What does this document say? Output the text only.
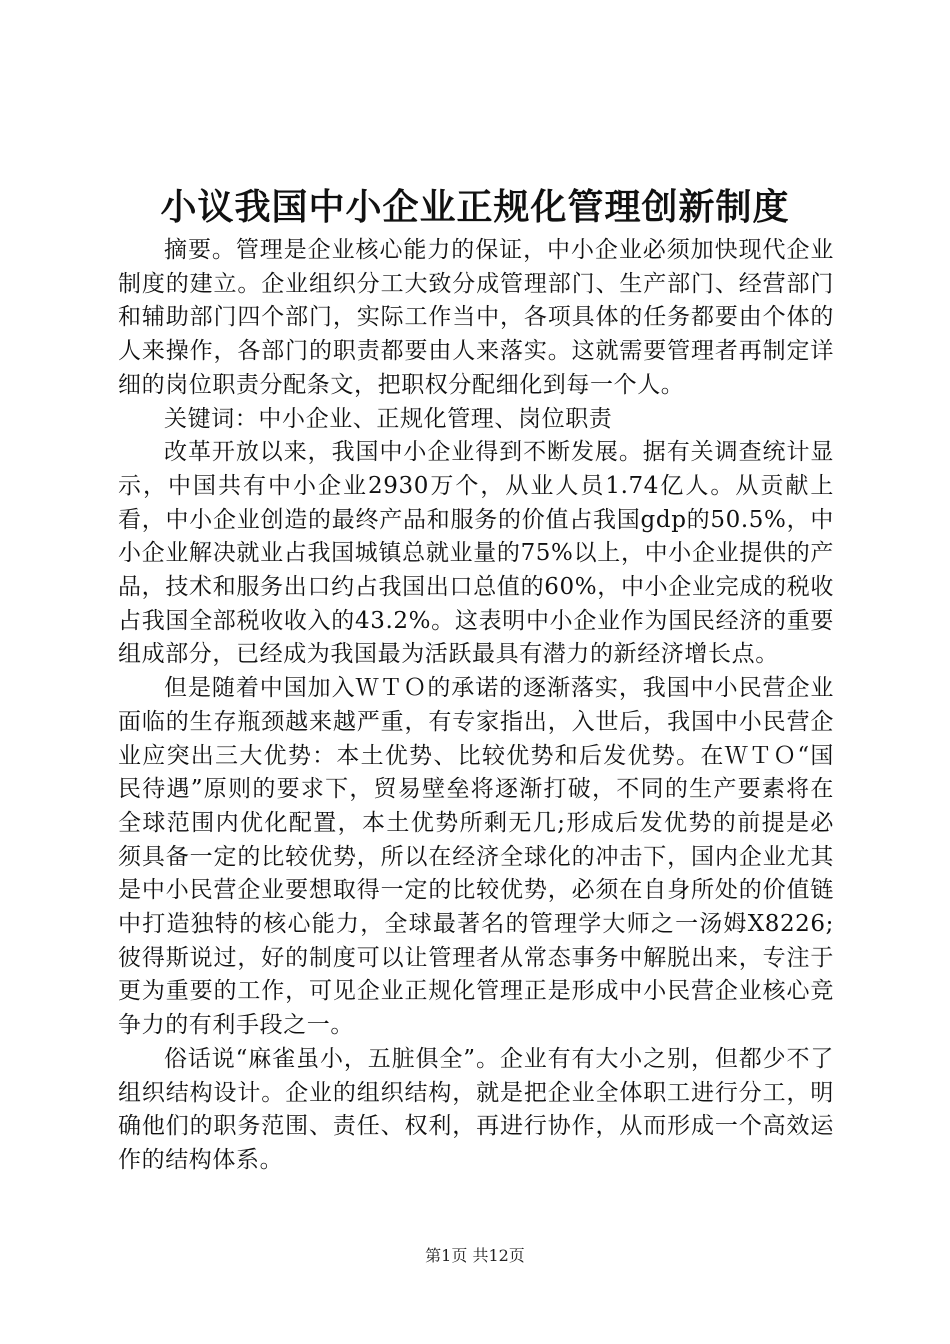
小议我国中小企业正规化管理创新制度

摘要。管理是企业核心能力的保证，中小企业必须加快现代企业制度的建立。企业组织分工大致分成管理部门、生产部门、经营部门和辅助部门四个部门，实际工作当中，各项具体的任务都要由个体的人来操作，各部门的职责都要由人来落实。这就需要管理者再制定详细的岗位职责分配条文，把职权分配细化到每一个人。

关键词：中小企业、正规化管理、岗位职责

改革开放以来，我国中小企业得到不断发展。据有关调查统计显示，中国共有中小企业2930万个，从业人员1.74亿人。从贡献上看，中小企业创造的最终产品和服务的价值占我国gdp的50.5%，中小企业解决就业占我国城镇总就业量的75%以上，中小企业提供的产品，技术和服务出口约占我国出口总值的60%，中小企业完成的税收占我国全部税收收入的43.2%。这表明中小企业作为国民经济的重要组成部分，已经成为我国最为活跃最具有潜力的新经济增长点。

但是随着中国加入ＷＴＯ的承诺的逐渐落实，我国中小民营企业面临的生存瓶颈越来越严重，有专家指出，入世后，我国中小民营企业应突出三大优势：本土优势、比较优势和后发优势。在ＷＴＯ“国民待遇”原则的要求下，贸易壁垒将逐渐打破，不同的生产要素将在全球范围内优化配置，本土优势所剩无几;形成后发优势的前提是必须具备一定的比较优势，所以在经济全球化的冲击下，国内企业尤其是中小民营企业要想取得一定的比较优势，必须在自身所处的价值链中打造独特的核心能力，全球最著名的管理学大师之一汤姆X8226;彼得斯说过，好的制度可以让管理者从常态事务中解脱出来，专注于更为重要的工作，可见企业正规化管理正是形成中小民营企业核心竞争力的有利手段之一。

俗话说“麻雀虽小，五脏俱全”。企业有有大小之别，但都少不了组织结构设计。企业的组织结构，就是把企业全体职工进行分工，明确他们的职务范围、责任、权利，再进行协作，从而形成一个高效运作的结构体系。

第1页 共12页
